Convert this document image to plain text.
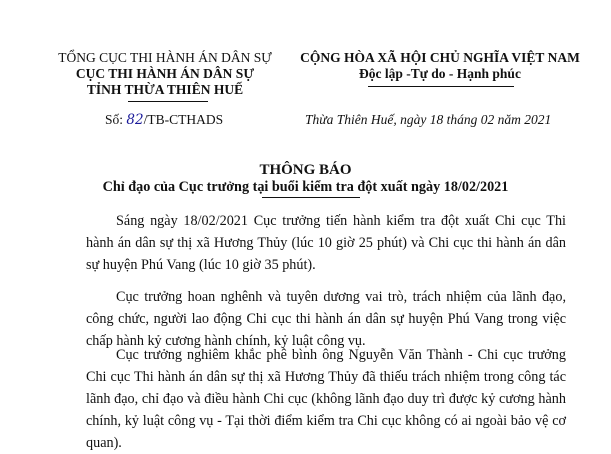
TỔNG CỤC THI HÀNH ÁN DÂN SỰ
CỤC THI HÀNH ÁN DÂN SỰ
TỈNH THỪA THIÊN HUẾ
Số: 82/TB-CTHADS
CỘNG HÒA XÃ HỘI CHỦ NGHĨA VIỆT NAM
Độc lập -Tự do - Hạnh phúc
Thừa Thiên Huế, ngày 18 tháng 02 năm 2021
THÔNG BÁO
Chỉ đạo của Cục trưởng tại buổi kiểm tra đột xuất ngày 18/02/2021
Sáng ngày 18/02/2021 Cục trưởng tiến hành kiểm tra đột xuất Chi cục Thi hành án dân sự thị xã Hương Thủy (lúc 10 giờ 25 phút) và Chi cục thi hành án dân sự huyện Phú Vang (lúc 10 giờ 35 phút).
Cục trưởng hoan nghênh và tuyên dương vai trò, trách nhiệm của lãnh đạo, công chức, người lao động Chi cục thi hành án dân sự huyện Phú Vang trong việc chấp hành kỷ cương hành chính, kỷ luật công vụ.
Cục trưởng nghiêm khắc phê bình ông Nguyễn Văn Thành - Chi cục trưởng Chi cục Thi hành án dân sự thị xã Hương Thủy đã thiếu trách nhiệm trong công tác lãnh đạo, chỉ đạo và điều hành Chi cục (không lãnh đạo duy trì được kỷ cương hành chính, kỷ luật công vụ - Tại thời điểm kiểm tra Chi cục không có ai ngoài bảo vệ cơ quan).
